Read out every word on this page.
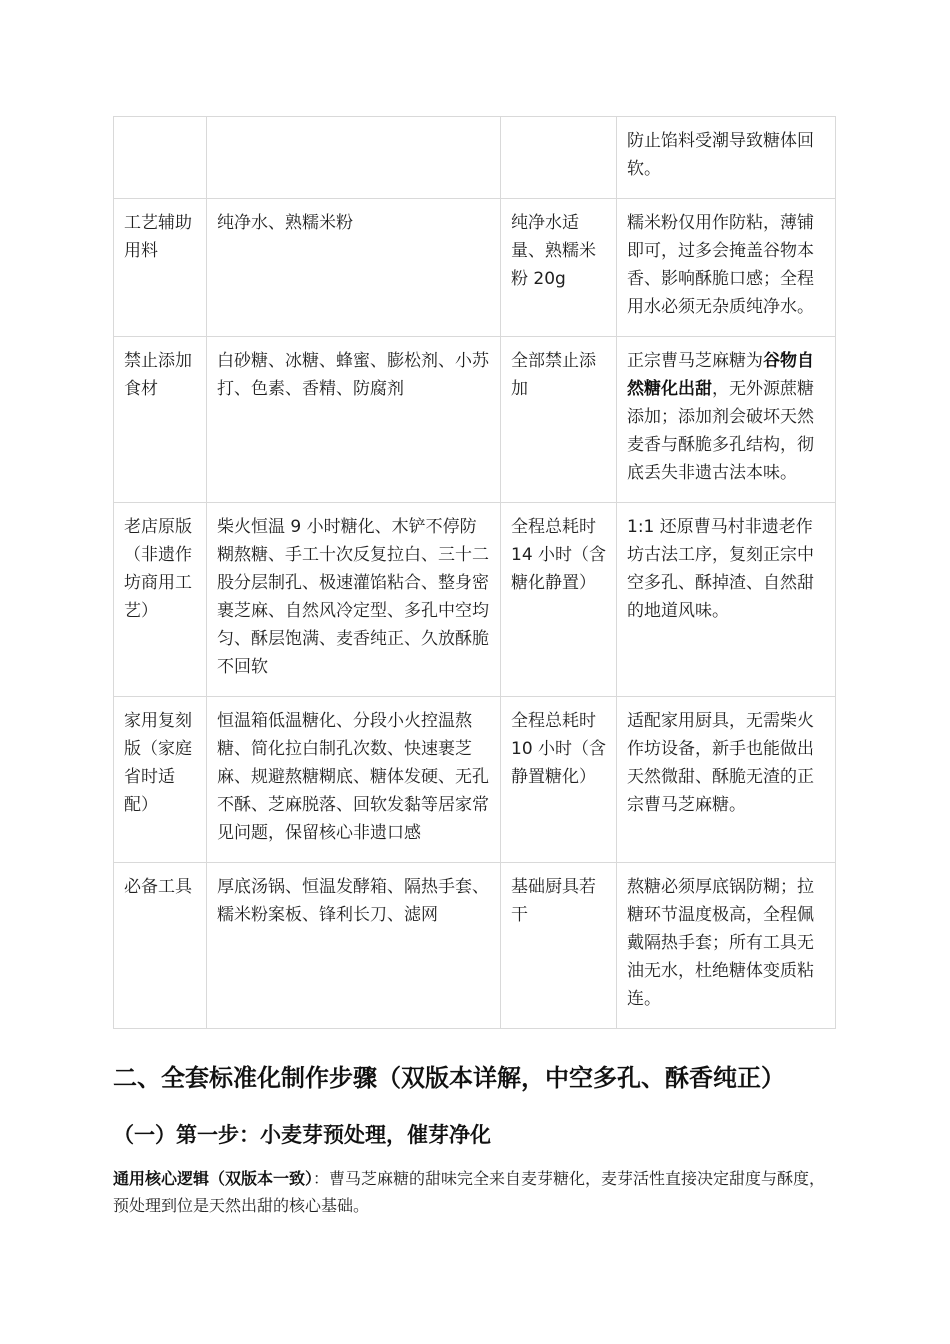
			防止馅料受潮导致糖体回软。
工艺辅助用料	纯净水、熟糯米粉	纯净水适量、熟糯米粉 20g	糯米粉仅用作防粘，薄铺即可，过多会掩盖谷物本香、影响酥脆口感；全程用水必须无杂质纯净水。
禁止添加食材	白砂糖、冰糖、蜂蜜、膨松剂、小苏打、色素、香精、防腐剂	全部禁止添加	正宗曹马芝麻糖为谷物自然糖化出甜，无外源蔗糖添加；添加剂会破坏天然麦香与酥脆多孔结构，彻底丢失非遗古法本味。
老店原版（非遗作坊商用工艺）	柴火恒温 9 小时糖化、木铲不停防糊熬糖、手工十次反复拉白、三十二股分层制孔、极速灌馅粘合、整身密裹芝麻、自然风冷定型、多孔中空均匀、酥层饱满、麦香纯正、久放酥脆不回软	全程总耗时 14 小时（含糖化静置）	1:1 还原曹马村非遗老作坊古法工序，复刻正宗中空多孔、酥掉渣、自然甜的地道风味。
家用复刻版（家庭省时适配）	恒温箱低温糖化、分段小火控温熬糖、简化拉白制孔次数、快速裹芝麻、规避熬糖糊底、糖体发硬、无孔不酥、芝麻脱落、回软发黏等居家常见问题，保留核心非遗口感	全程总耗时 10 小时（含静置糖化）	适配家用厨具，无需柴火作坊设备，新手也能做出天然微甜、酥脆无渣的正宗曹马芝麻糖。
必备工具	厚底汤锅、恒温发酵箱、隔热手套、糯米粉案板、锋利长刀、滤网	基础厨具若干	熬糖必须厚底锅防糊；拉糖环节温度极高，全程佩戴隔热手套；所有工具无油无水，杜绝糖体变质粘连。
二、全套标准化制作步骤（双版本详解，中空多孔、酥香纯正）
（一）第一步：小麦芽预处理，催芽净化

通用核心逻辑（双版本一致）：曹马芝麻糖的甜味完全来自麦芽糖化，麦芽活性直接决定甜度与酥度，预处理到位是天然出甜的核心基础。
